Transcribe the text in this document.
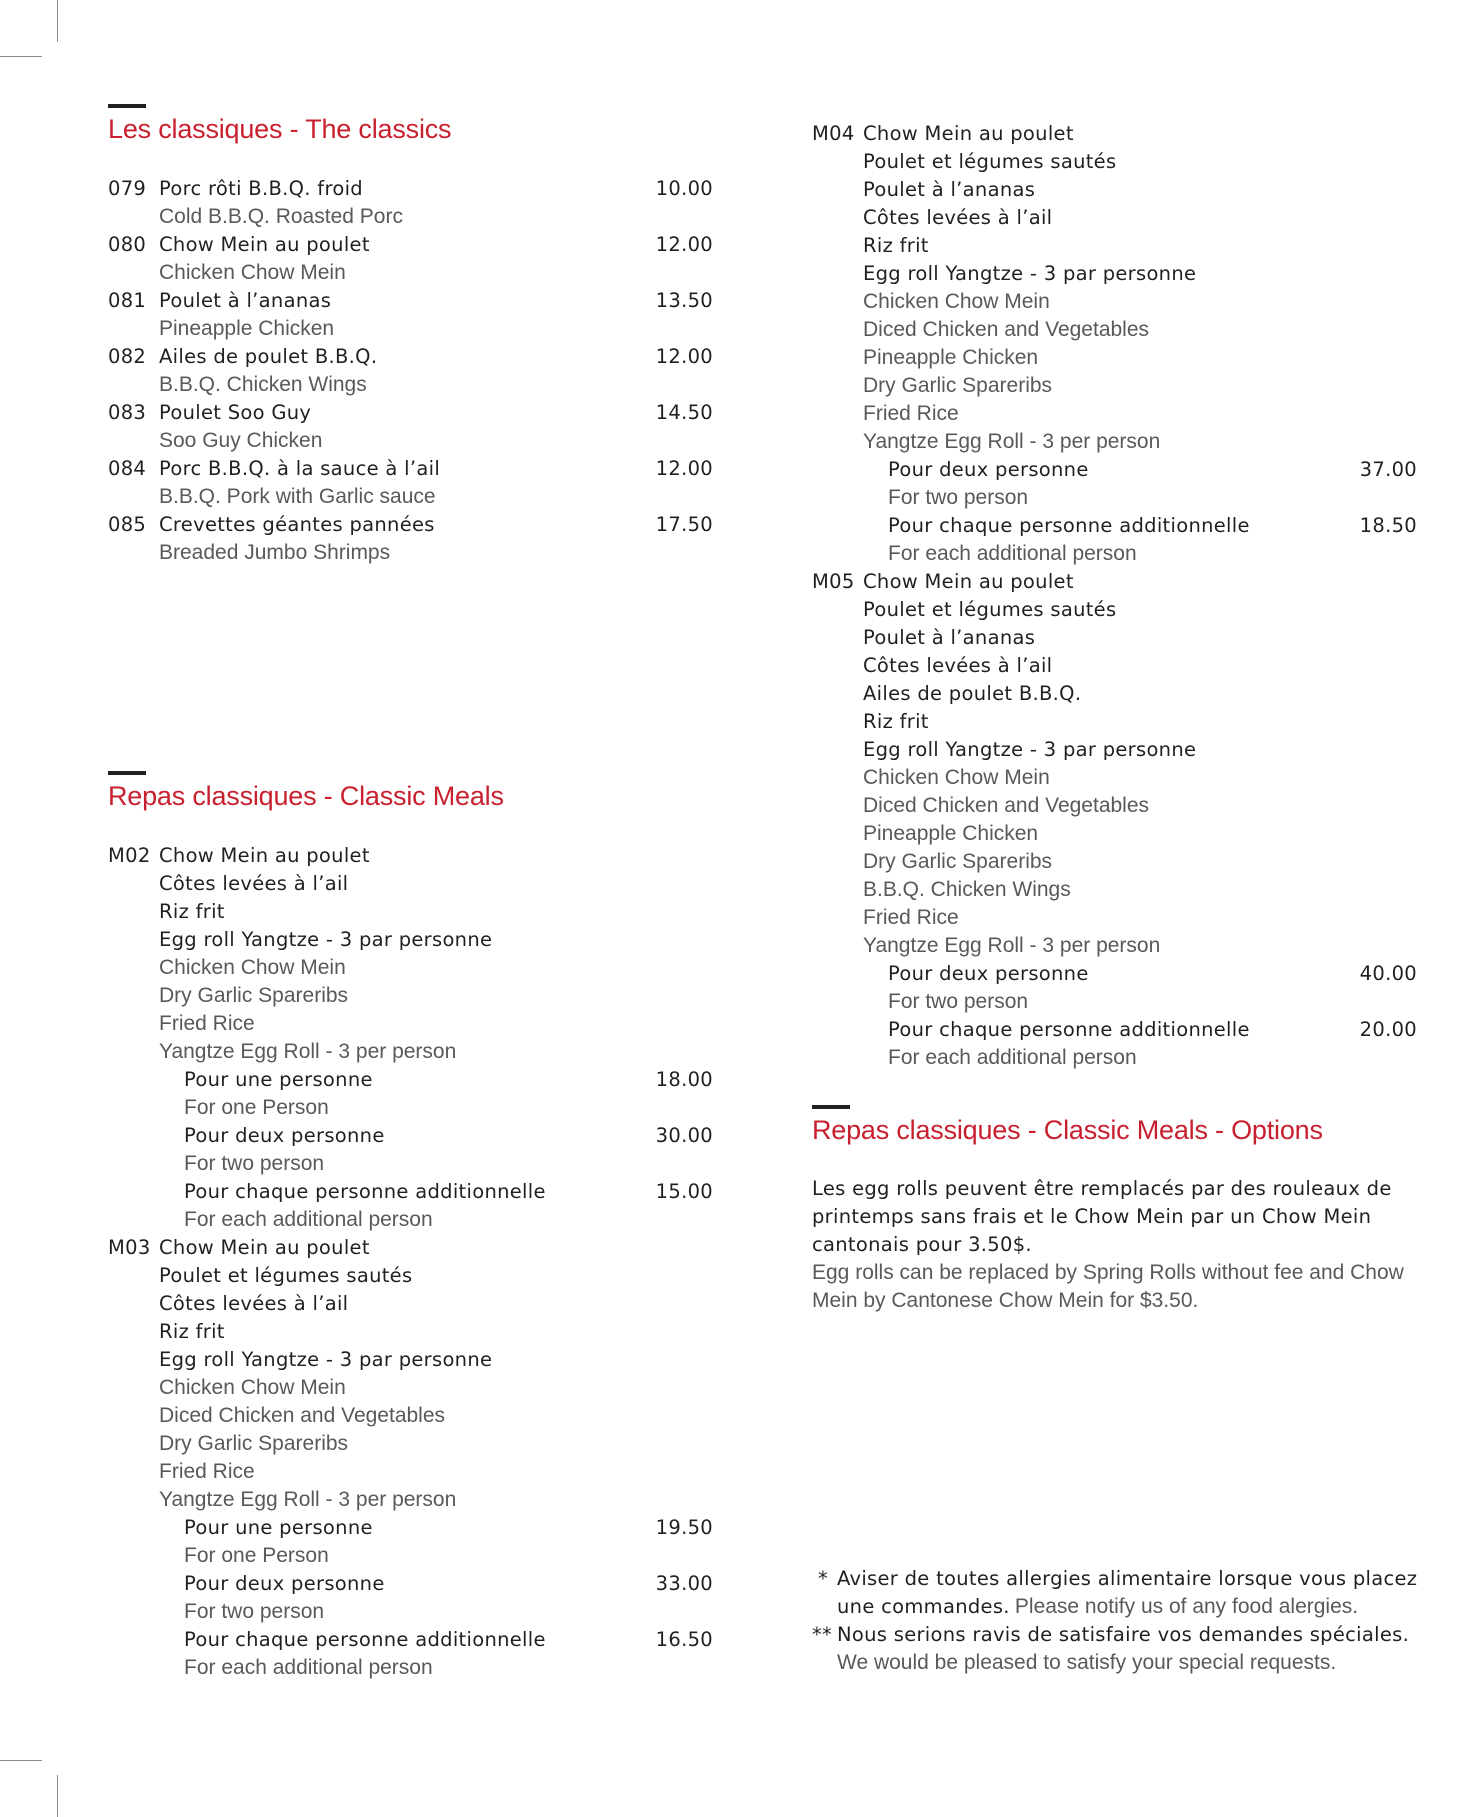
Les classiques - The classics
079 Porc rôti B.B.Q. froid	10.00
Cold B.B.Q. Roasted Porc
080 Chow Mein au poulet	12.00
Chicken Chow Mein
081 Poulet à l’ananas	13.50
Pineapple Chicken
082 Ailes de poulet B.B.Q.	12.00
B.B.Q. Chicken Wings
083 Poulet Soo Guy	14.50
Soo Guy Chicken
084 Porc B.B.Q. à la sauce à l’ail	12.00
B.B.Q. Pork with Garlic sauce
085 Crevettes géantes pannées	17.50
Breaded Jumbo Shrimps
Repas classiques - Classic Meals
M02 Chow Mein au poulet
Côtes levées à l’ail
Riz frit
Egg roll Yangtze - 3 par personne
Chicken Chow Mein
Dry Garlic Spareribs
Fried Rice
Yangtze Egg Roll - 3 per person
Pour une personne	18.00
For one Person
Pour deux personne	30.00
For two person
Pour chaque personne additionnelle	15.00
For each additional person
M03 Chow Mein au poulet
Poulet et légumes sautés
Côtes levées à l’ail
Riz frit
Egg roll Yangtze - 3 par personne
Chicken Chow Mein
Diced Chicken and Vegetables
Dry Garlic Spareribs
Fried Rice
Yangtze Egg Roll - 3 per person
Pour une personne	19.50
For one Person
Pour deux personne	33.00
For two person
Pour chaque personne additionnelle	16.50
For each additional person
M04 Chow Mein au poulet
Poulet et légumes sautés
Poulet à l’ananas
Côtes levées à l’ail
Riz frit
Egg roll Yangtze - 3 par personne
Chicken Chow Mein
Diced Chicken and Vegetables
Pineapple Chicken
Dry Garlic Spareribs
Fried Rice
Yangtze Egg Roll - 3 per person
Pour deux personne	37.00
For two person
Pour chaque personne additionnelle	18.50
For each additional person
M05 Chow Mein au poulet
Poulet et légumes sautés
Poulet à l’ananas
Côtes levées à l’ail
Ailes de poulet B.B.Q.
Riz frit
Egg roll Yangtze - 3 par personne
Chicken Chow Mein
Diced Chicken and Vegetables
Pineapple Chicken
Dry Garlic Spareribs
B.B.Q. Chicken Wings
Fried Rice
Yangtze Egg Roll - 3 per person
Pour deux personne	40.00
For two person
Pour chaque personne additionnelle	20.00
For each additional person
Repas classiques - Classic Meals - Options
Les egg rolls peuvent être remplacés par des rouleaux de
printemps sans frais et le Chow Mein par un Chow Mein
cantonais pour 3.50$.
Egg rolls can be replaced by Spring Rolls without fee and Chow
Mein by Cantonese Chow Mein for $3.50.
* Aviser de toutes allergies alimentaire lorsque vous placez
une commandes. Please notify us of any food alergies.
** Nous serions ravis de satisfaire vos demandes spéciales.
We would be pleased to satisfy your special requests.
